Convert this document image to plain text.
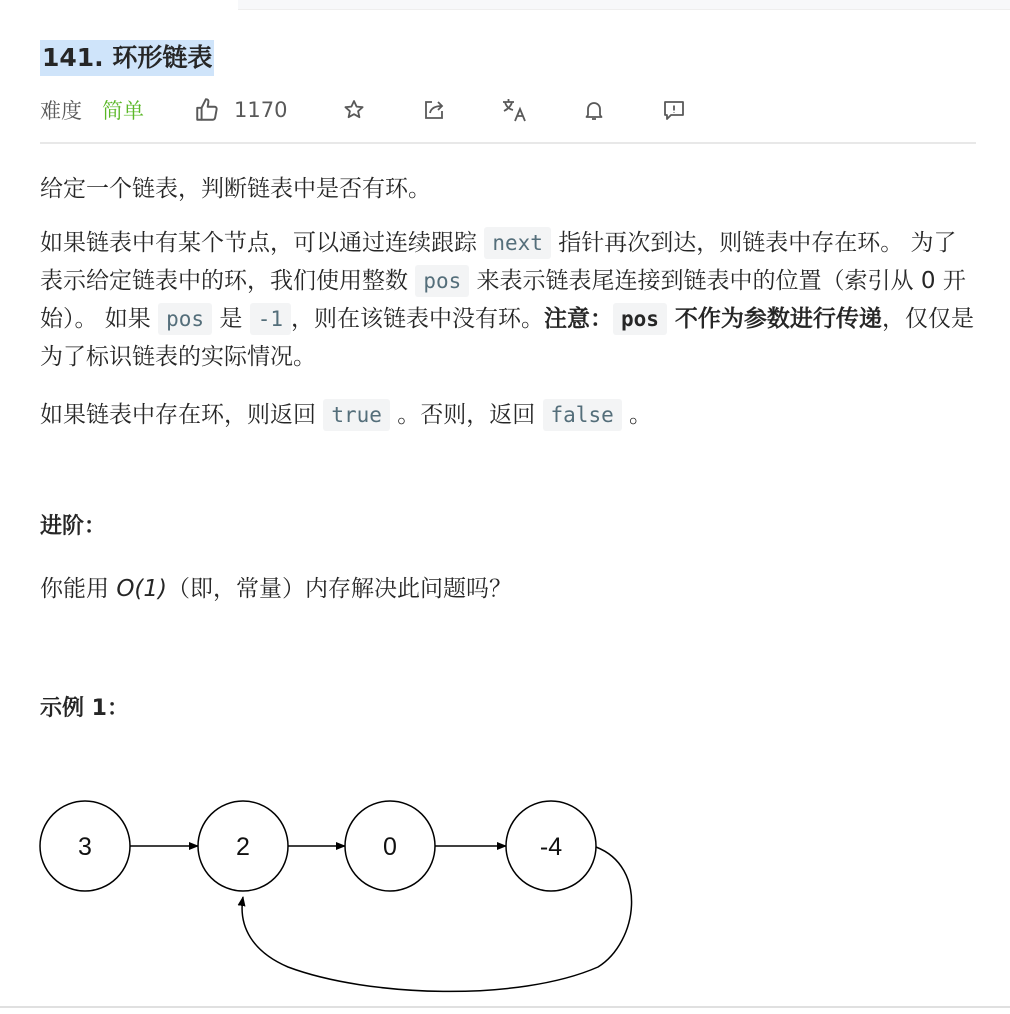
141. 环形链表
难度 简单	1170

给定一个链表，判断链表中是否有环。

如果链表中有某个节点，可以通过连续跟踪 next 指针再次到达，则链表中存在环。 为了表示给定链表中的环，我们使用整数 pos 来表示链表尾连接到链表中的位置（索引从 0 开始）。 如果 pos 是 -1 ，则在该链表中没有环。注意： pos 不作为参数进行传递，仅仅是为了标识链表的实际情况。

如果链表中存在环，则返回 true 。否则，返回 false 。

进阶：

你能用 O(1)（即，常量）内存解决此问题吗？

示例 1：

3	2	0	-4
